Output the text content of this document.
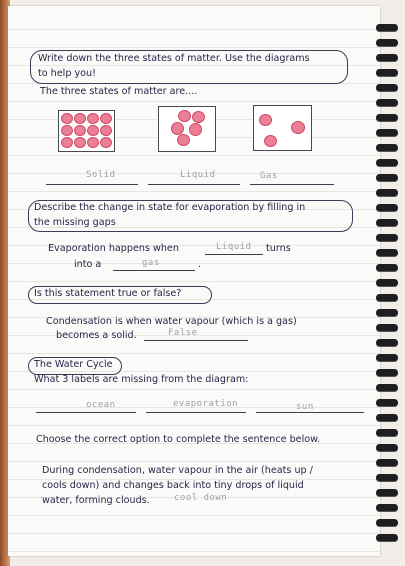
Write down the three states of matter. Use the diagrams
to help you!
The three states of matter are....
Solid	Liquid	Gas
Describe the change in state for evaporation by filling in
the missing gaps
Evaporation happens when	Liquid turns
into a	gas	.
Is this statement true or false?
Condensation is when water vapour (which is a gas)
becomes a solid.	False
The Water Cycle
What 3 labels are missing from the diagram:
ocean	evaporation	sun
Choose the correct option to complete the sentence below.
During condensation, water vapour in the air (heats up /
cools down) and changes back into tiny drops of liquid
water, forming clouds.	cool down
